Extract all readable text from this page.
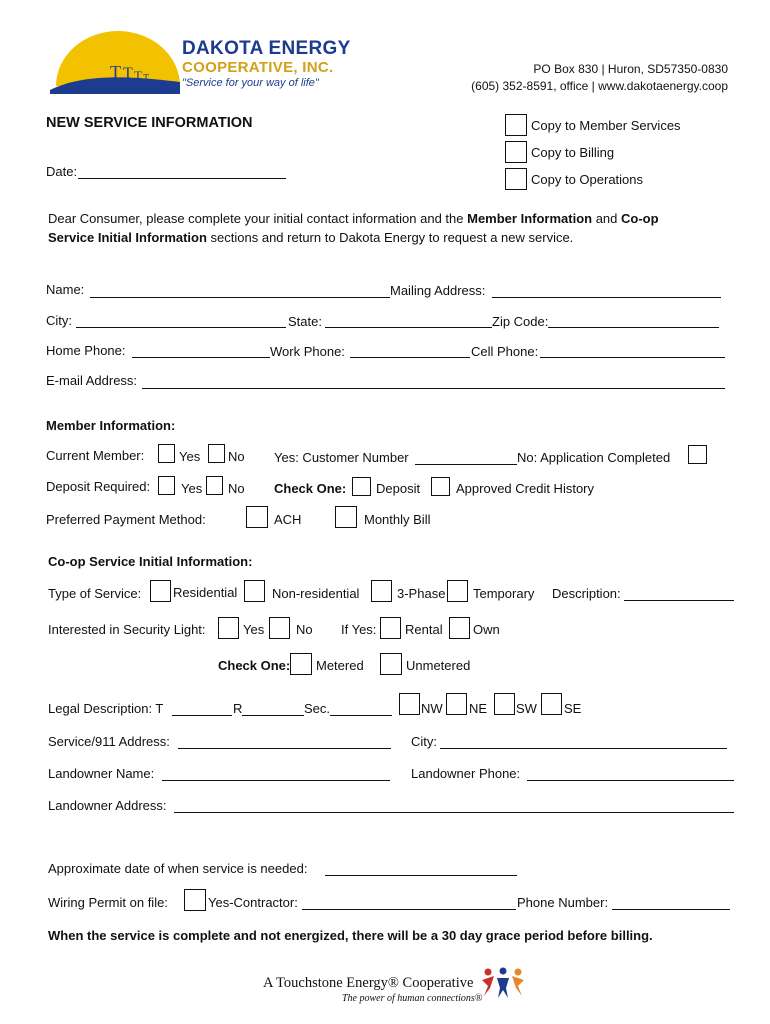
T T T T
DAKOTA ENERGY
COOPERATIVE, INC.
"Service for your way of life"
PO Box 830 | Huron, SD57350-0830
(605) 352-8591, office | www.dakotaenergy.coop
NEW SERVICE INFORMATION
Date:
Copy to Member Services
Copy to Billing
Copy to Operations
Dear Consumer, please complete your initial contact information and the Member Information and Co-op
Service Initial Information sections and return to Dakota Energy to request a new service.
Name:	Mailing Address:
City:	State:	Zip Code:
Home Phone:	Work Phone:	Cell Phone:
E-mail Address:
Member Information:
Current Member:	Yes No Yes: Customer Number	No: Application Completed
Deposit Required: Yes No Check One: Deposit	Approved Credit History
Preferred Payment Method:	ACH	Monthly Bill
Co-op Service Initial Information:
Type of Service: Residential	Non-residential	3-Phase Temporary Description:
Interested in Security Light:	Yes No If Yes: Rental Own
Check One: Metered	Unmetered
Legal Description: T	R	Sec.	NW NE SW SE
Service/911 Address:	City:
Landowner Name:	Landowner Phone:
Landowner Address:
Approximate date of when service is needed:
Wiring Permit on file:	Yes-Contractor:	Phone Number:
When the service is complete and not energized, there will be a 30 day grace period before billing.
A Touchstone Energy® Cooperative
The power of human connections®
